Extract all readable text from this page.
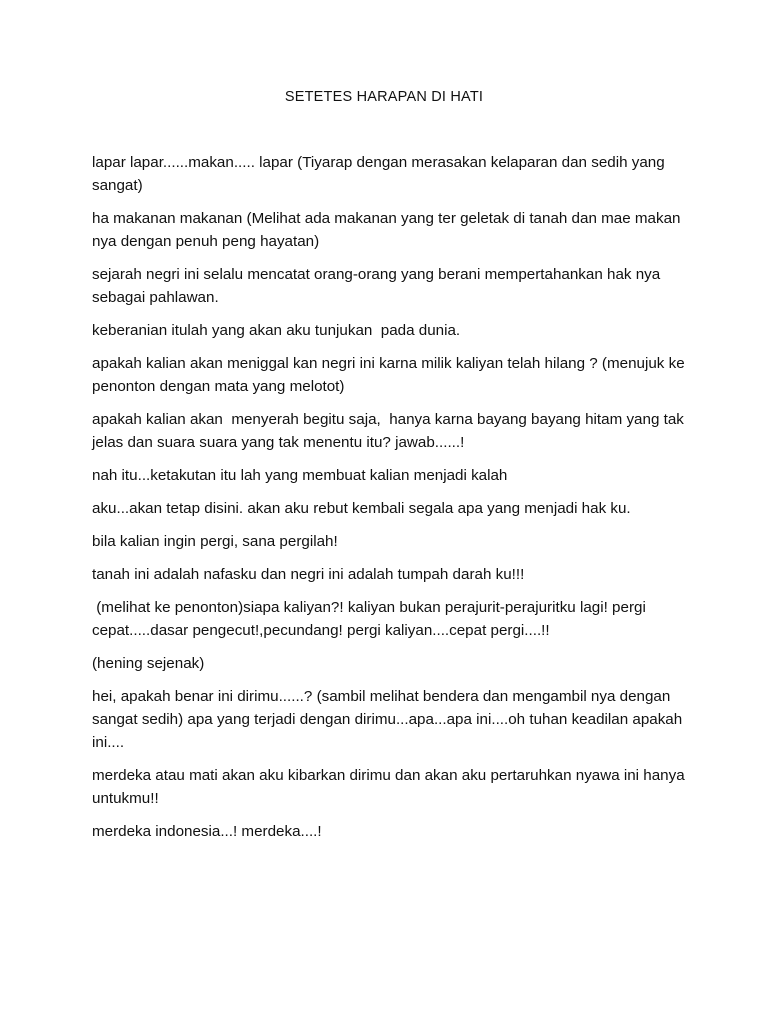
SETETES HARAPAN DI HATI

lapar lapar......makan..... lapar (Tiyarap dengan merasakan kelaparan dan sedih yang sangat)

ha makanan makanan (Melihat ada makanan yang ter geletak di tanah dan mae makan nya dengan penuh peng hayatan)

sejarah negri ini selalu mencatat orang-orang yang berani mempertahankan hak nya  sebagai pahlawan.

keberanian itulah yang akan aku tunjukan  pada dunia.

apakah kalian akan meniggal kan negri ini karna milik kaliyan telah hilang ? (menujuk ke penonton dengan mata yang melotot)

apakah kalian akan  menyerah begitu saja,  hanya karna bayang bayang hitam yang tak jelas dan suara suara yang tak menentu itu? jawab......!

nah itu...ketakutan itu lah yang membuat kalian menjadi kalah

aku...akan tetap disini. akan aku rebut kembali segala apa yang menjadi hak ku.

bila kalian ingin pergi, sana pergilah!

tanah ini adalah nafasku dan negri ini adalah tumpah darah ku!!!

(melihat ke penonton)siapa kaliyan?! kaliyan bukan perajurit-perajuritku lagi! pergi cepat.....dasar pengecut!,pecundang! pergi kaliyan....cepat pergi....!!

(hening sejenak)

hei, apakah benar ini dirimu......? (sambil melihat bendera dan mengambil nya dengan sangat sedih) apa yang terjadi dengan dirimu...apa...apa ini....oh tuhan keadilan apakah ini....

merdeka atau mati akan aku kibarkan dirimu dan akan aku pertaruhkan nyawa ini hanya untukmu!!

merdeka indonesia...! merdeka....!
